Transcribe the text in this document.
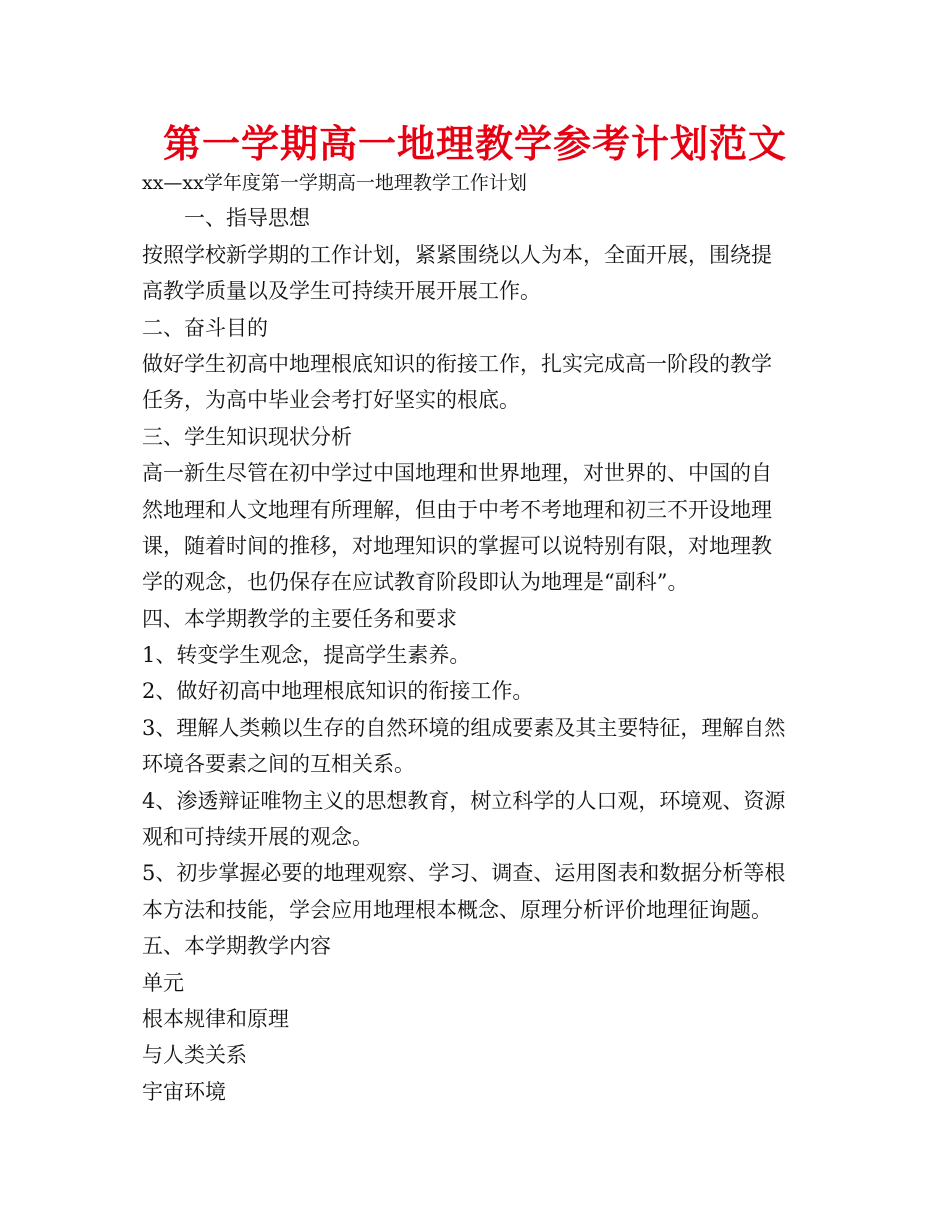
第一学期高一地理教学参考计划范文
xx—xx学年度第一学期高一地理教学工作计划
一、指导思想
按照学校新学期的工作计划，紧紧围绕以人为本，全面开展，围绕提
高教学质量以及学生可持续开展开展工作。
二、奋斗目的
做好学生初高中地理根底知识的衔接工作，扎实完成高一阶段的教学
任务，为高中毕业会考打好坚实的根底。
三、学生知识现状分析
高一新生尽管在初中学过中国地理和世界地理，对世界的、中国的自
然地理和人文地理有所理解，但由于中考不考地理和初三不开设地理
课，随着时间的推移，对地理知识的掌握可以说特别有限，对地理教
学的观念，也仍保存在应试教育阶段即认为地理是“副科”。
四、本学期教学的主要任务和要求
1、转变学生观念，提高学生素养。
2、做好初高中地理根底知识的衔接工作。
3、理解人类赖以生存的自然环境的组成要素及其主要特征，理解自然
环境各要素之间的互相关系。
4、渗透辩证唯物主义的思想教育，树立科学的人口观，环境观、资源
观和可持续开展的观念。
5、初步掌握必要的地理观察、学习、调查、运用图表和数据分析等根
本方法和技能，学会应用地理根本概念、原理分析评价地理征询题。
五、本学期教学内容
单元
根本规律和原理
与人类关系
宇宙环境
